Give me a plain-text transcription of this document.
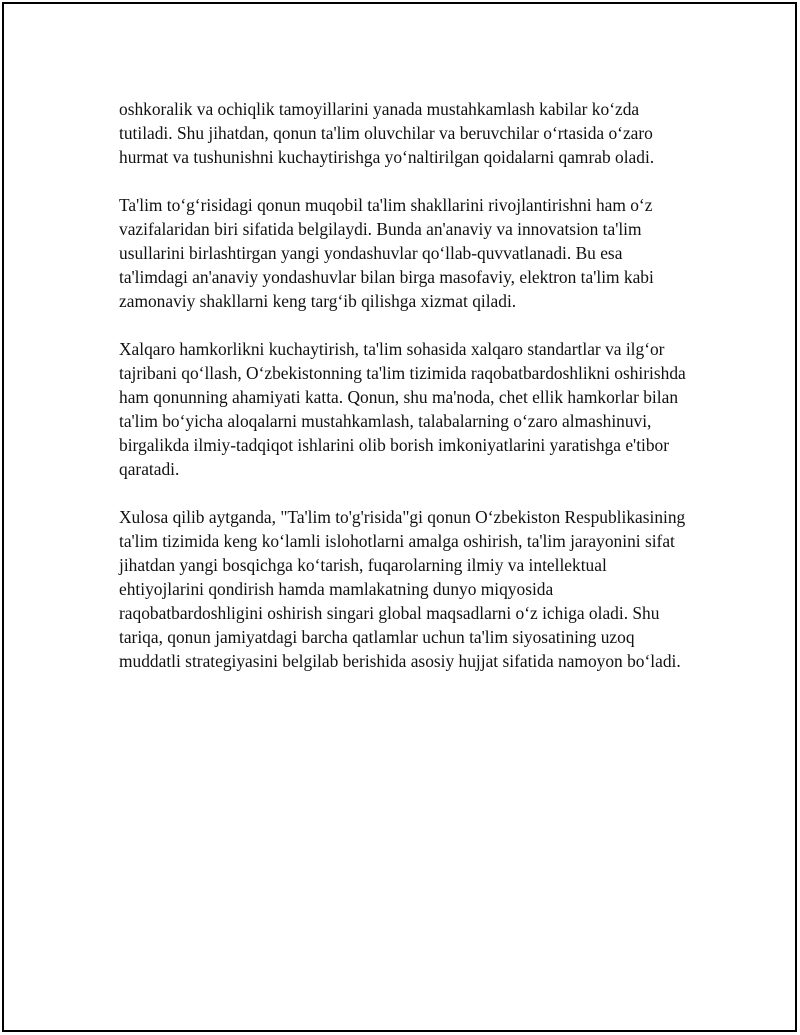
oshkoralik va ochiqlik tamoyillarini yanada mustahkamlash kabilar ko‘zda tutiladi. Shu jihatdan, qonun ta'lim oluvchilar va beruvchilar o‘rtasida o‘zaro hurmat va tushunishni kuchaytirishga yo‘naltirilgan qoidalarni qamrab oladi.

Ta'lim to‘g‘risidagi qonun muqobil ta'lim shakllarini rivojlantirishni ham o‘z vazifalaridan biri sifatida belgilaydi. Bunda an'anaviy va innovatsion ta'lim usullarini birlashtirgan yangi yondashuvlar qo‘llab-quvvatlanadi. Bu esa ta'limdagi an'anaviy yondashuvlar bilan birga masofaviy, elektron ta'lim kabi zamonaviy shakllarni keng targ‘ib qilishga xizmat qiladi.

Xalqaro hamkorlikni kuchaytirish, ta'lim sohasida xalqaro standartlar va ilg‘or tajribani qo‘llash, O‘zbekistonning ta'lim tizimida raqobatbardoshlikni oshirishda ham qonunning ahamiyati katta. Qonun, shu ma'noda, chet ellik hamkorlar bilan ta'lim bo‘yicha aloqalarni mustahkamlash, talabalarning o‘zaro almashinuvi, birgalikda ilmiy-tadqiqot ishlarini olib borish imkoniyatlarini yaratishga e'tibor qaratadi.

Xulosa qilib aytganda, "Ta'lim to'g'risida"gi qonun O‘zbekiston Respublikasining ta'lim tizimida keng ko‘lamli islohotlarni amalga oshirish, ta'lim jarayonini sifat jihatdan yangi bosqichga ko‘tarish, fuqarolarning ilmiy va intellektual ehtiyojlarini qondirish hamda mamlakatning dunyo miqyosida raqobatbardoshligini oshirish singari global maqsadlarni o‘z ichiga oladi. Shu tariqa, qonun jamiyatdagi barcha qatlamlar uchun ta'lim siyosatining uzoq muddatli strategiyasini belgilab berishida asosiy hujjat sifatida namoyon bo‘ladi.
